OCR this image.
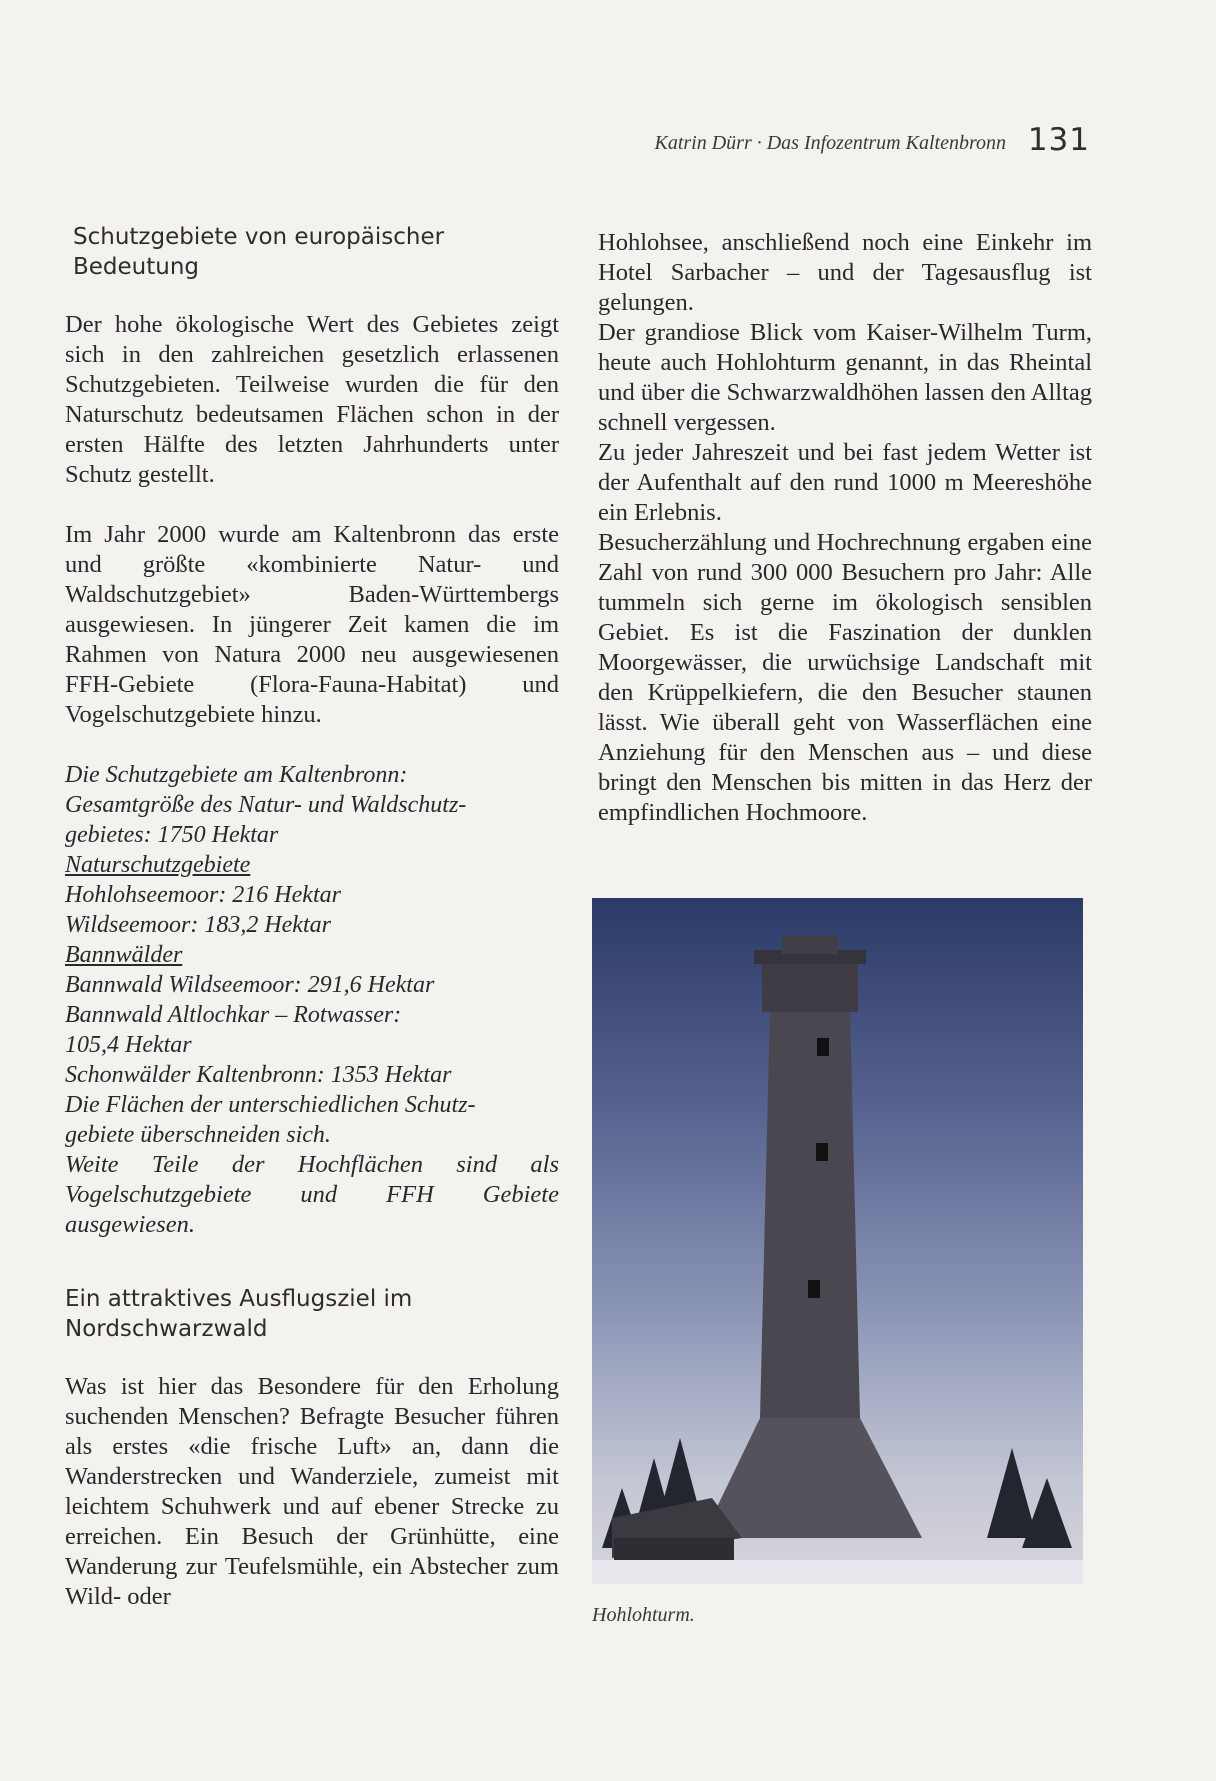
Katrin Dürr · Das Infozentrum Kaltenbronn 131
Schutzgebiete von europäischer Bedeutung

Der hohe ökologische Wert des Gebietes zeigt sich in den zahlreichen gesetzlich erlassenen Schutzgebieten. Teilweise wurden die für den Naturschutz bedeutsamen Flächen schon in der ersten Hälfte des letzten Jahrhunderts unter Schutz gestellt.

Im Jahr 2000 wurde am Kaltenbronn das erste und größte «kombinierte Natur- und Waldschutzgebiet» Baden-Württembergs ausgewiesen. In jüngerer Zeit kamen die im Rahmen von Natura 2000 neu ausgewiesenen FFH-Gebiete (Flora-Fauna-Habitat) und Vogelschutzgebiete hinzu.

Die Schutzgebiete am Kaltenbronn:
Gesamtgröße des Natur- und Waldschutz-
gebietes: 1750 Hektar
Naturschutzgebiete
Hohlohseemoor: 216 Hektar
Wildseemoor: 183,2 Hektar
Bannwälder
Bannwald Wildseemoor: 291,6 Hektar
Bannwald Altlochkar – Rotwasser:
105,4 Hektar
Schonwälder Kaltenbronn: 1353 Hektar
Die Flächen der unterschiedlichen Schutz-
gebiete überschneiden sich.

Weite Teile der Hochflächen sind als Vogelschutzgebiete und FFH Gebiete ausgewiesen.

Ein attraktives Ausflugsziel im Nordschwarzwald

Was ist hier das Besondere für den Erholung suchenden Menschen? Befragte Besucher führen als erstes «die frische Luft» an, dann die Wanderstrecken und Wanderziele, zumeist mit leichtem Schuhwerk und auf ebener Strecke zu erreichen. Ein Besuch der Grünhütte, eine Wanderung zur Teufelsmühle, ein Abstecher zum Wild- oder

Hohlohsee, anschließend noch eine Einkehr im Hotel Sarbacher – und der Tagesausflug ist gelungen.

Der grandiose Blick vom Kaiser-Wilhelm Turm, heute auch Hohlohturm genannt, in das Rheintal und über die Schwarzwaldhöhen lassen den Alltag schnell vergessen.

Zu jeder Jahreszeit und bei fast jedem Wetter ist der Aufenthalt auf den rund 1000 m Meereshöhe ein Erlebnis.

Besucherzählung und Hochrechnung ergaben eine Zahl von rund 300 000 Besuchern pro Jahr: Alle tummeln sich gerne im ökologisch sensiblen Gebiet. Es ist die Faszination der dunklen Moorgewässer, die urwüchsige Landschaft mit den Krüppelkiefern, die den Besucher staunen lässt. Wie überall geht von Wasserflächen eine Anziehung für den Menschen aus – und diese bringt den Menschen bis mitten in das Herz der empfindlichen Hochmoore.

Hohlohturm.
